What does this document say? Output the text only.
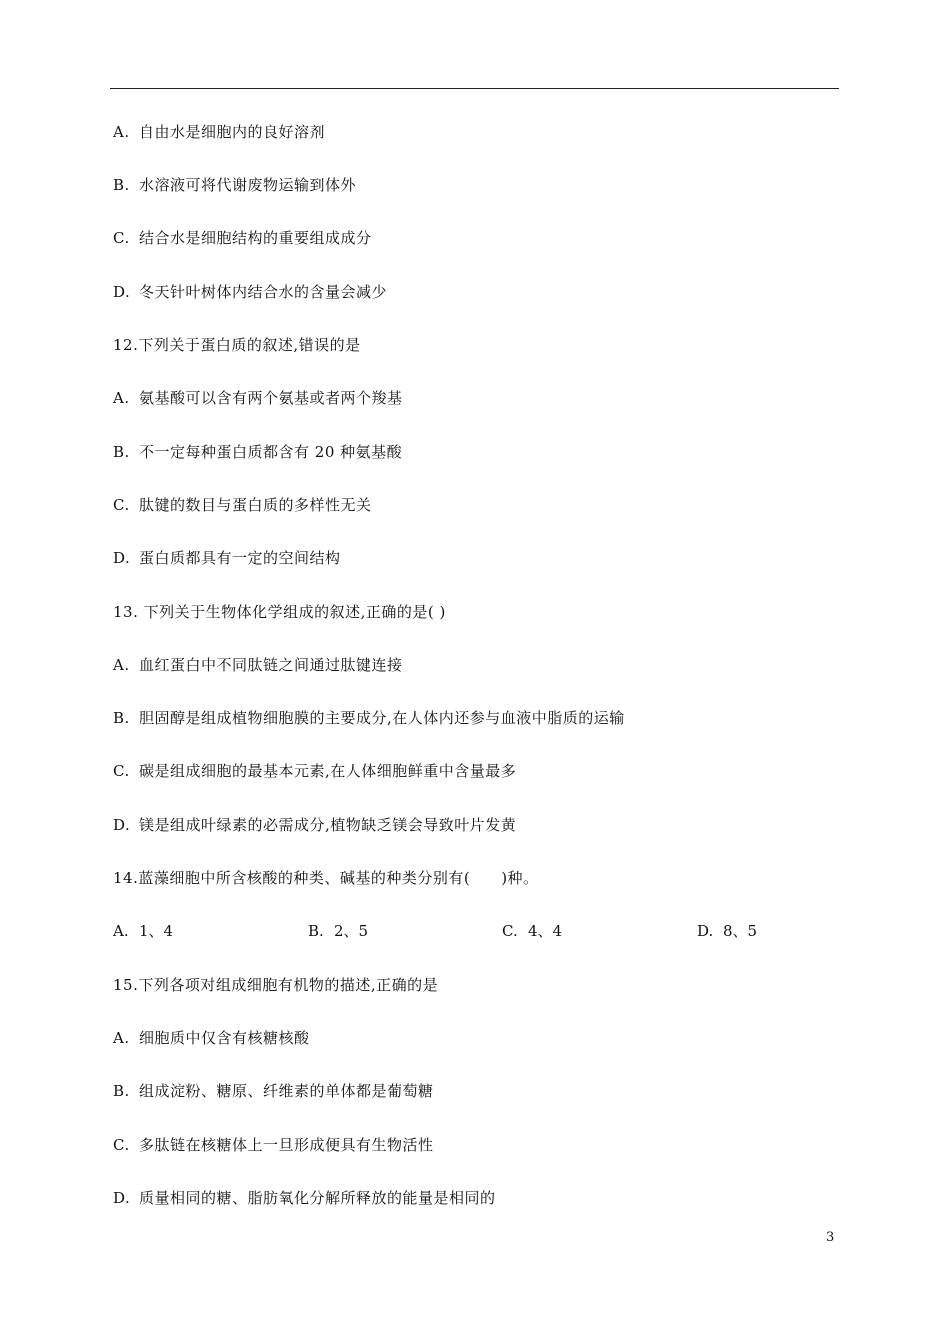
A. 自由水是细胞内的良好溶剂
B. 水溶液可将代谢废物运输到体外
C. 结合水是细胞结构的重要组成成分
D. 冬天针叶树体内结合水的含量会减少
12.下列关于蛋白质的叙述,错误的是
A. 氨基酸可以含有两个氨基或者两个羧基
B. 不一定每种蛋白质都含有 20 种氨基酸
C. 肽键的数目与蛋白质的多样性无关
D. 蛋白质都具有一定的空间结构
13. 下列关于生物体化学组成的叙述,正确的是( )
A. 血红蛋白中不同肽链之间通过肽键连接
B. 胆固醇是组成植物细胞膜的主要成分,在人体内还参与血液中脂质的运输
C. 碳是组成细胞的最基本元素,在人体细胞鲜重中含量最多
D. 镁是组成叶绿素的必需成分,植物缺乏镁会导致叶片发黄
14.蓝藻细胞中所含核酸的种类、碱基的种类分别有(　　)种。
A. 1、4	B. 2、5	C. 4、4	D. 8、5
15.下列各项对组成细胞有机物的描述,正确的是
A. 细胞质中仅含有核糖核酸
B. 组成淀粉、糖原、纤维素的单体都是葡萄糖
C. 多肽链在核糖体上一旦形成便具有生物活性
D. 质量相同的糖、脂肪氧化分解所释放的能量是相同的
3
